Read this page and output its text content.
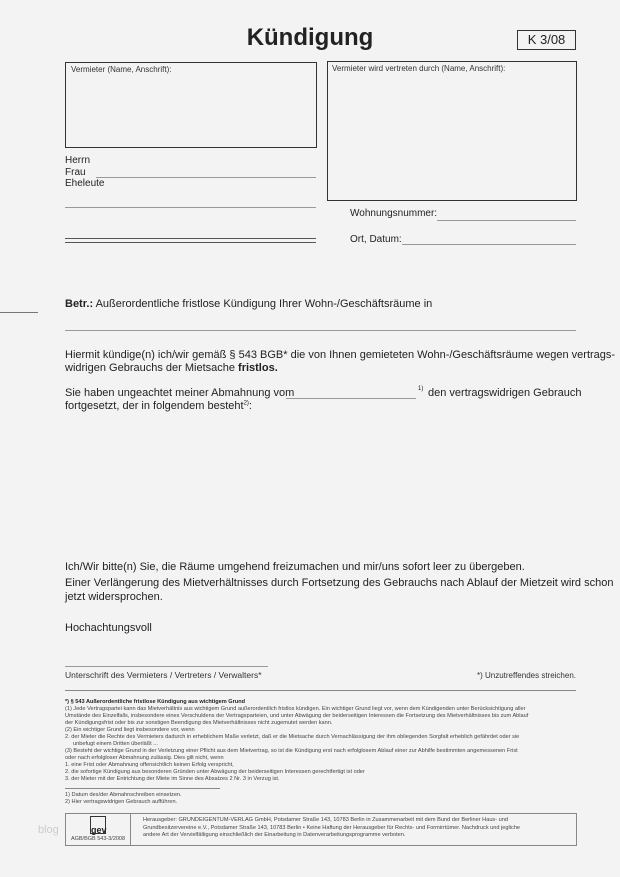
Kündigung	K 3/08
Vermieter (Name, Anschrift):	Vermieter wird vertreten durch (Name, Anschrift):
Herrn
Frau
Eheleute
Wohnungsnummer:
Ort, Datum:
Betr.: Außerordentliche fristlose Kündigung Ihrer Wohn-/Geschäftsräume in
Hiermit kündige(n) ich/wir gemäß § 543 BGB* die von Ihnen gemieteten Wohn-/Geschäftsräume wegen vertrags-
widrigen Gebrauchs der Mietsache fristlos.
Sie haben ungeachtet meiner Abmahnung vom	1) den vertragswidrigen Gebrauch
fortgesetzt, der in folgendem besteht$^{2)}$:
Ich/Wir bitte(n) Sie, die Räume umgehend freizumachen und mir/uns sofort leer zu übergeben.
Einer Verlängerung des Mietverhältnisses durch Fortsetzung des Gebrauchs nach Ablauf der Mietzeit wird schon
jetzt widersprochen.
Hochachtungsvoll
Unterschrift des Vermieters / Vertreters / Verwalters*	*) Unzutreffendes streichen.
*) § 543 Außerordentliche fristlose Kündigung aus wichtigem Grund
(1) Jede Vertragspartei kann das Mietverhältnis aus wichtigem Grund außerordentlich fristlos kündigen. Ein wichtiger Grund liegt vor, wenn dem Kündigenden unter Berücksichtigung aller
Umstände des Einzelfalls, insbesondere eines Verschuldens der Vertragsparteien, und unter Abwägung der beiderseitigen Interessen die Fortsetzung des Mietverhältnisses bis zum Ablauf
der Kündigungsfrist oder bis zur sonstigen Beendigung des Mietverhältnisses nicht zugemutet werden kann.
(2) Ein wichtiger Grund liegt insbesondere vor, wenn
2. der Mieter die Rechte des Vermieters dadurch in erheblichem Maße verletzt, daß er die Mietsache durch Vernachlässigung der ihm obliegenden Sorgfalt erheblich gefährdet oder sie
unbefugt einem Dritten überläßt ...
(3) Besteht der wichtige Grund in der Verletzung einer Pflicht aus dem Mietvertrag, so ist die Kündigung erst nach erfolglosem Ablauf einer zur Abhilfe bestimmten angemessenen Frist
oder nach erfolgloser Abmahnung zulässig. Dies gilt nicht, wenn
1. eine Frist oder Abmahnung offensichtlich keinen Erfolg verspricht,
2. die sofortige Kündigung aus besonderen Gründen unter Abwägung der beiderseitigen Interessen gerechtfertigt ist oder
3. der Mieter mit der Entrichtung der Miete im Sinne des Absatzes 2 Nr. 3 in Verzug ist.
1) Datum des/der Abmahnschreiben einsetzen.
2) Hier vertragswidrigen Gebrauch aufführen.
gev
AGB/BGB 543-3/2008
Herausgeber: GRUNDEIGENTUM-VERLAG GmbH, Potsdamer Straße 143, 10783 Berlin in Zusammenarbeit mit dem Bund der Berliner Haus- und
Grundbesitzervereine e.V., Potsdamer Straße 143, 10783 Berlin • Keine Haftung der Herausgeber für Rechts- und Formirrtümer. Nachdruck und jegliche
andere Art der Vervielfältigung einschließlich der Einarbeitung in Datenverarbeitungsprogramme verboten.
blog
